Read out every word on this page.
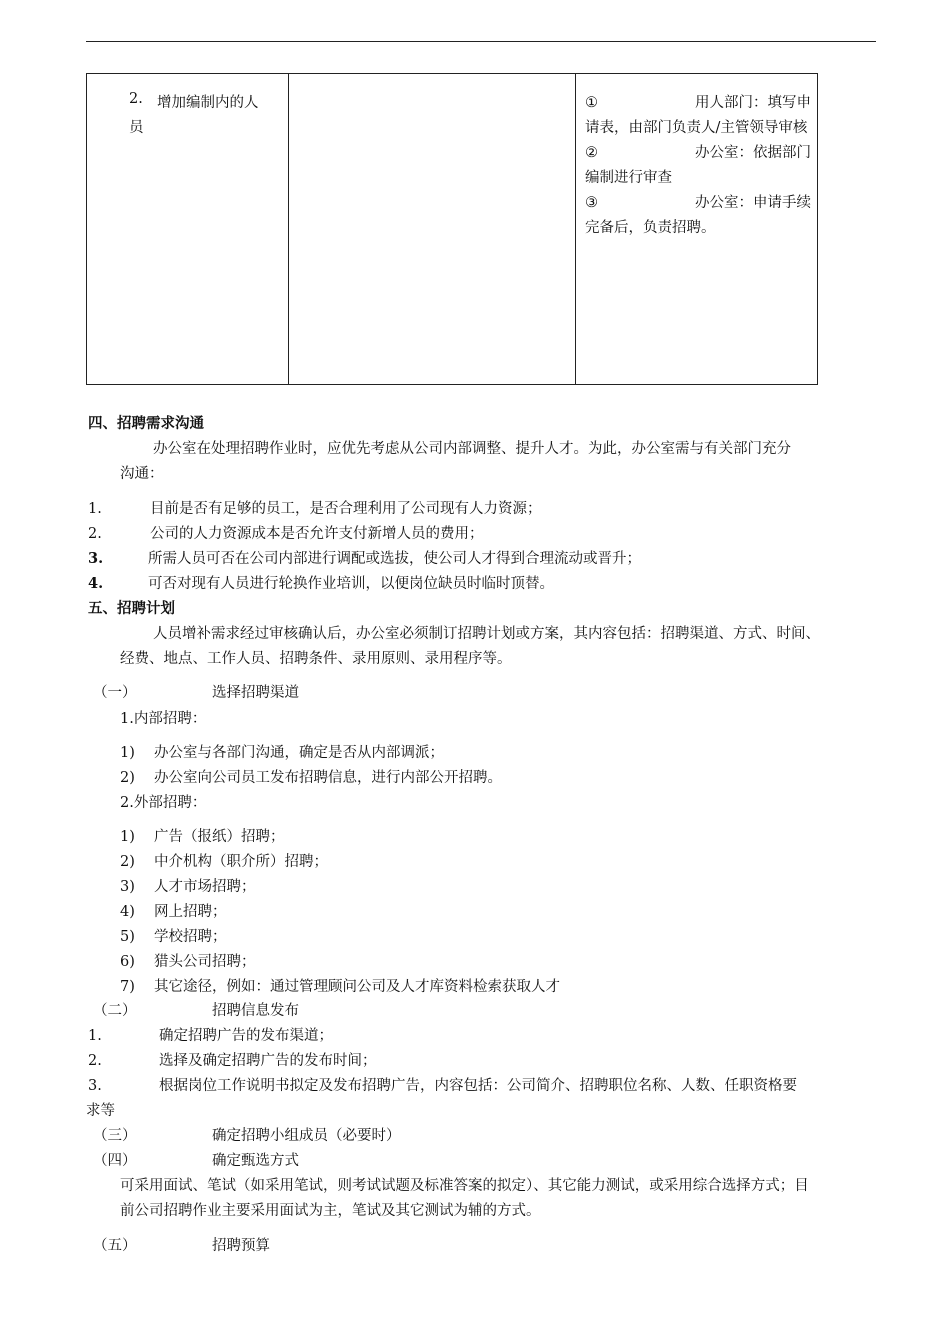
2. 增加编制内的人
员
①	用人部门：填写申
请表，由部门负责人/主管领导审核
②	办公室：依据部门
编制进行审查
③	办公室：申请手续
完备后，负责招聘。
四、招聘需求沟通
办公室在处理招聘作业时，应优先考虑从公司内部调整、提升人才。为此，办公室需与有关部门充分
沟通：
1.	目前是否有足够的员工，是否合理利用了公司现有人力资源；
2.	公司的人力资源成本是否允许支付新增人员的费用；
3.	所需人员可否在公司内部进行调配或选拔，使公司人才得到合理流动或晋升；
4.	可否对现有人员进行轮换作业培训，以便岗位缺员时临时顶替。
五、招聘计划
人员增补需求经过审核确认后，办公室必须制订招聘计划或方案，其内容包括：招聘渠道、方式、时间、
经费、地点、工作人员、招聘条件、录用原则、录用程序等。
（一）	选择招聘渠道
1.内部招聘：
1) 办公室与各部门沟通，确定是否从内部调派；
2) 办公室向公司员工发布招聘信息，进行内部公开招聘。
2.外部招聘：
1) 广告（报纸）招聘；
2) 中介机构（职介所）招聘；
3) 人才市场招聘；
4) 网上招聘；
5) 学校招聘；
6) 猎头公司招聘；
7) 其它途径，例如：通过管理顾问公司及人才库资料检索获取人才
（二）	招聘信息发布
1.	确定招聘广告的发布渠道；
2.	选择及确定招聘广告的发布时间；
3.	根据岗位工作说明书拟定及发布招聘广告，内容包括：公司简介、招聘职位名称、人数、任职资格要
求等
（三）	确定招聘小组成员（必要时）
（四）	确定甄选方式
可采用面试、笔试（如采用笔试，则考试试题及标准答案的拟定）、其它能力测试，或采用综合选择方式；目
前公司招聘作业主要采用面试为主，笔试及其它测试为辅的方式。
（五）	招聘预算
